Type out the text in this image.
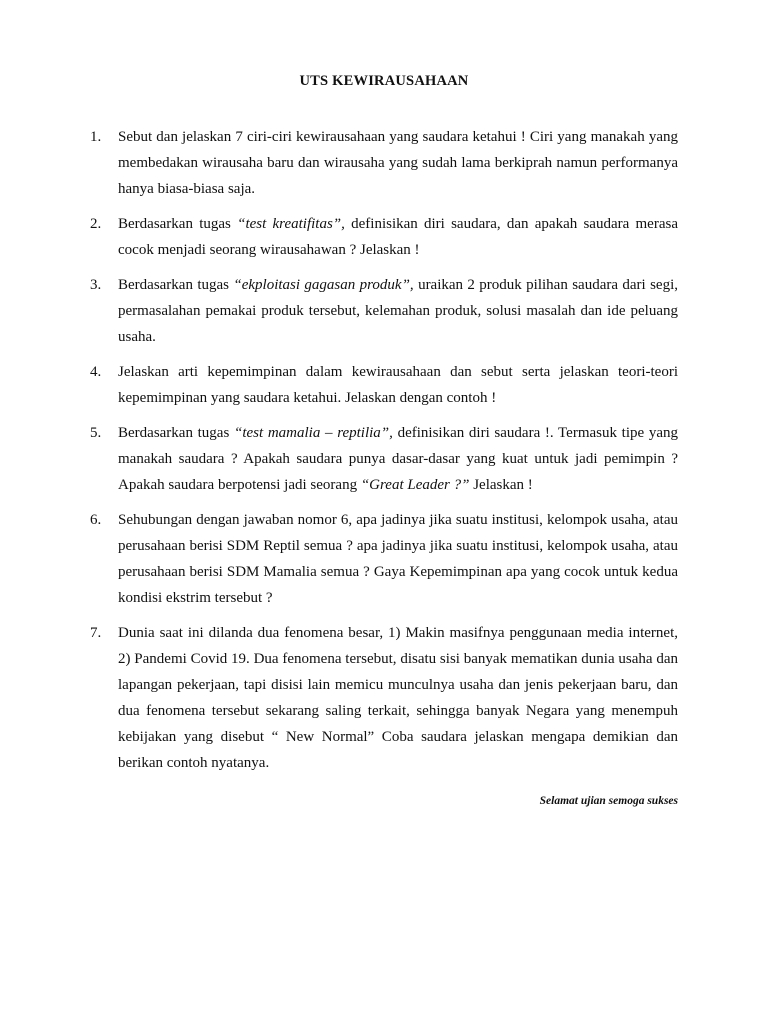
UTS KEWIRAUSAHAAN
1. Sebut dan jelaskan 7 ciri-ciri kewirausahaan yang saudara ketahui ! Ciri yang manakah yang membedakan wirausaha baru dan wirausaha yang sudah lama berkiprah namun performanya hanya biasa-biasa saja.
2. Berdasarkan tugas “test kreatifitas”, definisikan diri saudara, dan apakah saudara merasa cocok menjadi seorang wirausahawan ? Jelaskan !
3. Berdasarkan tugas “ekploitasi gagasan produk”, uraikan 2 produk pilihan saudara dari segi, permasalahan pemakai produk tersebut, kelemahan produk, solusi masalah dan ide peluang usaha.
4. Jelaskan arti kepemimpinan dalam kewirausahaan dan sebut serta jelaskan teori-teori kepemimpinan yang saudara ketahui. Jelaskan dengan contoh !
5. Berdasarkan tugas “test mamalia – reptilia”, definisikan diri saudara !. Termasuk tipe yang manakah saudara ? Apakah saudara punya dasar-dasar yang kuat untuk jadi pemimpin ? Apakah saudara berpotensi jadi seorang “Great Leader ?” Jelaskan !
6. Sehubungan dengan jawaban nomor 6, apa jadinya jika suatu institusi, kelompok usaha, atau perusahaan berisi SDM Reptil semua ? apa jadinya jika suatu institusi, kelompok usaha, atau perusahaan berisi SDM Mamalia semua ? Gaya Kepemimpinan apa yang cocok untuk kedua kondisi ekstrim tersebut ?
7. Dunia saat ini dilanda dua fenomena besar, 1) Makin masifnya penggunaan media internet, 2) Pandemi Covid 19. Dua fenomena tersebut, disatu sisi banyak mematikan dunia usaha dan lapangan pekerjaan, tapi disisi lain memicu munculnya usaha dan jenis pekerjaan baru, dan dua fenomena tersebut sekarang saling terkait, sehingga banyak Negara yang menempuh kebijakan yang disebut “ New Normal” Coba saudara jelaskan mengapa demikian dan berikan contoh nyatanya.
Selamat ujian semoga sukses
